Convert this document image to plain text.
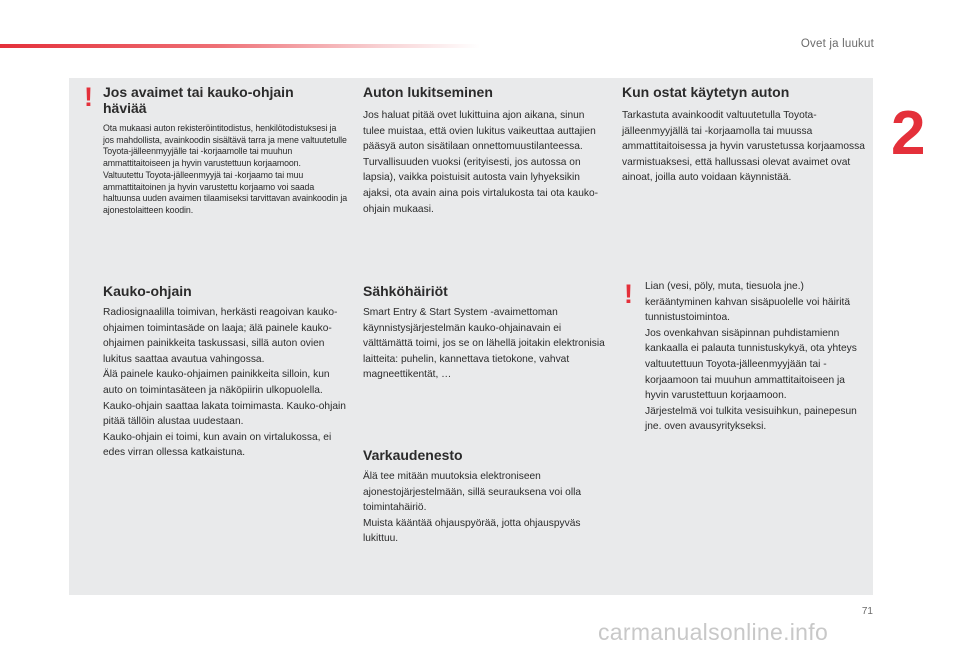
Ovet ja luukut
2
! Jos avaimet tai kauko-ohjain häviää

Ota mukaasi auton rekisteröintitodistus, henkilötodistuksesi ja jos mahdollista, avainkoodin sisältävä tarra ja mene valtuutetulle Toyota-jälleenmyyjälle tai -korjaamolle tai muuhun ammattitaitoiseen ja hyvin varustettuun korjaamoon.
Valtuutettu Toyota-jälleenmyyjä tai -korjaamo tai muu ammattitaitoinen ja hyvin varustettu korjaamo voi saada haltuunsa uuden avaimen tilaamiseksi tarvittavan avainkoodin ja ajonestolaitteen koodin.

Kauko-ohjain

Radiosignaalilla toimivan, herkästi reagoivan kauko-ohjaimen toimintasäde on laaja; älä painele kauko-ohjaimen painikkeita taskussasi, sillä auton ovien lukitus saattaa avautua vahingossa.
Älä painele kauko-ohjaimen painikkeita silloin, kun auto on toimintasäteen ja näköpiirin ulkopuolella. Kauko-ohjain saattaa lakata toimimasta. Kauko-ohjain pitää tällöin alustaa uudestaan.
Kauko-ohjain ei toimi, kun avain on virtalukossa, ei edes virran ollessa katkaistuna.

Auton lukitseminen

Jos haluat pitää ovet lukittuina ajon aikana, sinun tulee muistaa, että ovien lukitus vaikeuttaa auttajien pääsyä auton sisätilaan onnettomuustilanteessa.
Turvallisuuden vuoksi (erityisesti, jos autossa on lapsia), vaikka poistuisit autosta vain lyhyeksikin ajaksi, ota avain aina pois virtalukosta tai ota kauko-ohjain mukaasi.

Sähköhäiriöt

Smart Entry & Start System -avaimettoman käynnistysjärjestelmän kauko-ohjainavain ei välttämättä toimi, jos se on lähellä joitakin elektronisia laitteita: puhelin, kannettava tietokone, vahvat magneettikentät, …

Varkaudenesto

Älä tee mitään muutoksia elektroniseen ajonestojärjestelmään, sillä seurauksena voi olla toimintahäiriö.
Muista kääntää ohjauspyörää, jotta ohjauspyväs lukittuu.

Kun ostat käytetyn auton

Tarkastuta avainkoodit valtuutetulla Toyota-jälleenmyyjällä tai -korjaamolla tai muussa ammattitaitoisessa ja hyvin varustetussa korjaamossa varmistuaksesi, että hallussasi olevat avaimet ovat ainoat, joilla auto voidaan käynnistää.

! Lian (vesi, pöly, muta, tiesuola jne.) kerääntyminen kahvan sisäpuolelle voi häiritä tunnistustoimintoa.
Jos ovenkahvan sisäpinnan puhdistamienn kankaalla ei palauta tunnistuskykyä, ota yhteys valtuutettuun Toyota-jälleenmyyjään tai -korjaamoon tai muuhun ammattitaitoiseen ja hyvin varustettuun korjaamoon.
Järjestelmä voi tulkita vesisuihkun, painepesun jne. oven avausyritykseksi.

71
carmanualsonline.info
